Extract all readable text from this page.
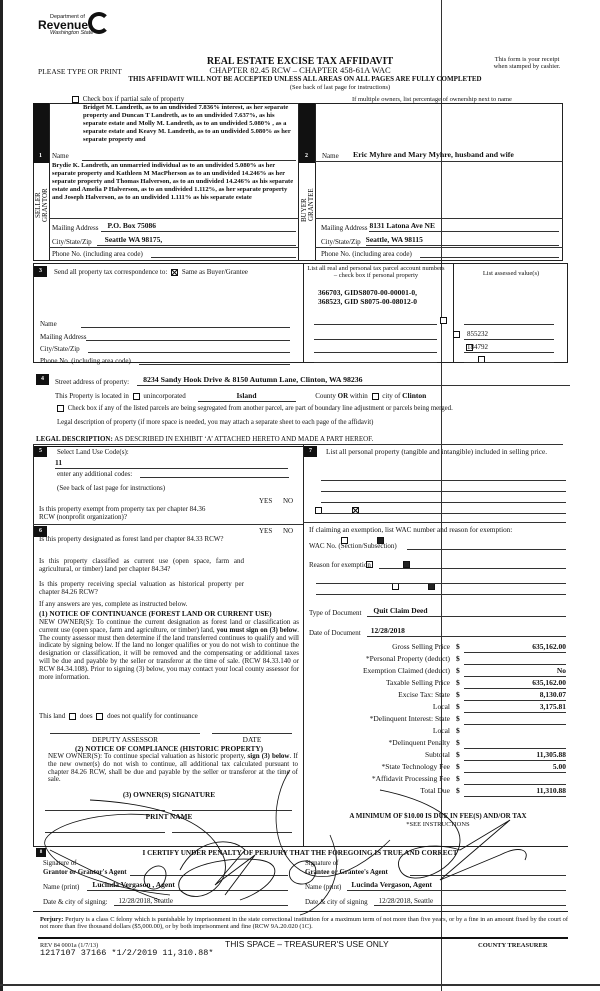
Department of
Revenue
Washington State
REAL ESTATE EXCISE TAX AFFIDAVIT
CHAPTER 82.45 RCW – CHAPTER 458-61A WAC
PLEASE TYPE OR PRINT
This form is your receipt
when stamped by cashier.
THIS AFFIDAVIT WILL NOT BE ACCEPTED UNLESS ALL AREAS ON ALL PAGES ARE FULLY COMPLETED
(See back of last page for instructions)
Check box if partial sale of property	If multiple owners, list percentage of ownership next to name
1
SELLER GRANTOR
Bridget M. Landreth, as to an undivided 7.836% interest, as her separate property and Duncan T Landreth, as to an undivided 7.637%, as his separate estate and Molly M. Landreth, as to an undivided 5.080% , as a separate estate and Keavy M. Landreth, as to an undivided 5.080% as her separate property and
Name
Brydie K. Landreth, an unmarried individual as to an undivided 5.080% as her separate property and Kathleen M MacPherson as to an undivided 14.246% as her separate property and Thomas Halverson, as to an undivided 14.246% as his separate estate and Amelia P Halverson, as to an undivided 1.112%, as her separate property and Joseph Halverson, as to an undivided 1.111% as his separate estate
Mailing Address	P.O. Box 75086
City/State/Zip	Seattle WA 98175,
Phone No. (including area code)
2
BUYER GRANTEE
Name Eric Myhre and Mary Myhre, husband and wife
Mailing Address 8131 Latona Ave NE
City/State/Zip Seattle, WA 98115
Phone No. (including area code)
3	Send all property tax correspondence to: Same as Buyer/Grantee
Name
Mailing Address
City/State/Zip
Phone No. (including area code)
List all real and personal tax parcel account numbers – check box if personal property	List assessed value(s)
366703, GIDS8070-00-00001-0, 368523, GID S8075-00-08012-0

855232
184792
4	Street address of property:	8234 Sandy Hook Drive & 8150 Autumn Lane, Clinton, WA 98236
This Property is located in unincorporated	Island	County OR within city of Clinton
Check box if any of the listed parcels are being segregated from another parcel, are part of boundary line adjustment or parcels being merged.
Legal description of property (if more space is needed, you may attach a separate sheet to each page of the affidavit)
LEGAL DESCRIPTION: AS DESCRIBED IN EXHIBIT ‘A’ ATTACHED HERETO AND MADE A PART HEREOF.
5	Select Land Use Code(s):
11
enter any additional codes:
(See back of last page for instructions)
YES NO
Is this property exempt from property tax per chapter 84.36 RCW (nonprofit organization)?

6	YES NO
Is this property designated as forest land per chapter 84.33 RCW?

Is this property classified as current use (open space, farm and agricultural, or timber) land per chapter 84.34?

Is this property receiving special valuation as historical property per chapter 84.26 RCW?

If any answers are yes, complete as instructed below.
(1) NOTICE OF CONTINUANCE (FOREST LAND OR CURRENT USE)
NEW OWNER(S): To continue the current designation as forest land or classification as current use (open space, farm and agriculture, or timber) land, you must sign on (3) below. The county assessor must then determine if the land transferred continues to qualify and will indicate by signing below. If the land no longer qualifies or you do not wish to continue the designation or classification, it will be removed and the compensating or additional taxes will be due and payable by the seller or transferor at the time of sale. (RCW 84.33.140 or RCW 84.34.108). Prior to signing (3) below, you may contact your local county assessor for more information.
This land does does not qualify for continuance
DEPUTY ASSESSOR	DATE
(2) NOTICE OF COMPLIANCE (HISTORIC PROPERTY)
NEW OWNER(S): To continue special valuation as historic property, sign (3) below. If the new owner(s) do not wish to continue, all additional tax calculated pursuant to chapter 84.26 RCW, shall be due and payable by the seller or transferor at the time of sale.
(3) OWNER(S) SIGNATURE
PRINT NAME
7	List all personal property (tangible and intangible) included in selling price.
If claiming an exemption, list WAC number and reason for exemption:
WAC No. (Section/Subsection)
Reason for exemption
Type of Document	Quit Claim Deed
Date of Document	12/28/2018
Gross Selling Price $	635,162.00
*Personal Property (deduct) $
Exemption Claimed (deduct) $	No
Taxable Selling Price $	635,162.00
Excise Tax: State $	8,130.07
Local $	3,175.81
*Delinquent Interest: State $
Local $
*Delinquent Penalty $
Subtotal $	11,305.88
*State Technology Fee $	5.00
*Affidavit Processing Fee $
Total Due $	11,310.88
A MINIMUM OF $10.00 IS DUE IN FEE(S) AND/OR TAX
*SEE INSTRUCTIONS
8	I CERTIFY UNDER PENALTY OF PERJURY THAT THE FOREGOING IS TRUE AND CORRECT
Signature of
Grantor or Grantor's Agent
Name (print)	Lucinda Vergason , Agent
Date & city of signing:	12/28/2018, Seattle
Signature of
Grantee or Grantee's Agent
Name (print)	Lucinda Vergason, Agent
Date & city of signing	12/28/2018, Seattle
Perjury: Perjury is a class C felony which is punishable by imprisonment in the state correctional institution for a maximum term of not more than five years, or by a fine in an amount fixed by the court of not more than five thousand dollars ($5,000.00), or by both imprisonment and fine (RCW 9A.20.020 (1C).
REV 84 0001a (1/7/13)	THIS SPACE – TREASURER'S USE ONLY	COUNTY TREASURER
1217107 37166 *1/2/2019 11,310.88*
